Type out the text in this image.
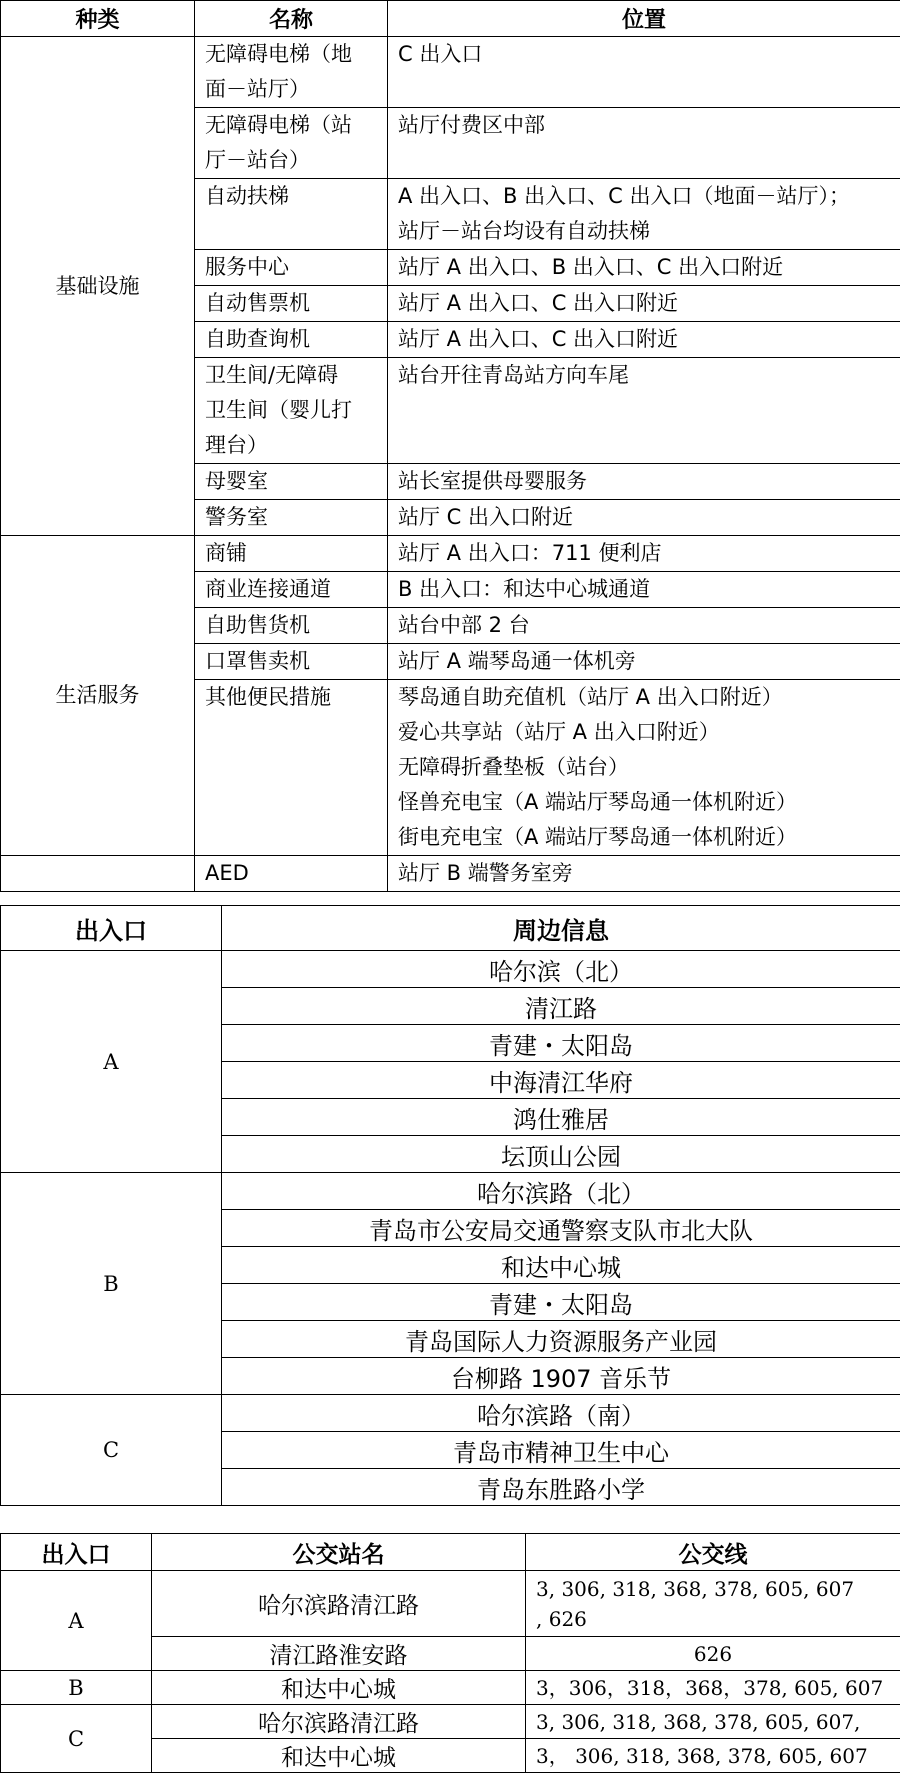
种类	名称	位置
基础设施	无障碍电梯（地
面－站厅）	C 出入口

	无障碍电梯（站
厅－站台）	站厅付费区中部

	自动扶梯	A 出入口、B 出入口、C 出入口（地面－站厅）；
站厅－站台均设有自动扶梯

	服务中心	站厅 A 出入口、B 出入口、C 出入口附近

	自动售票机	站厅 A 出入口、C 出入口附近

	自助查询机	站厅 A 出入口、C 出入口附近

	卫生间/无障碍
卫生间（婴儿打
理台）	站台开往青岛站方向车尾

	母婴室	站长室提供母婴服务

	警务室	站厅 C 出入口附近

生活服务	商铺	站厅 A 出入口：711 便利店

	商业连接通道	B 出入口：和达中心城通道

	自助售货机	站台中部 2 台

	口罩售卖机	站厅 A 端琴岛通一体机旁

	其他便民措施	琴岛通自助充值机（站厅 A 出入口附近）
爱心共享站（站厅 A 出入口附近）
无障碍折叠垫板（站台）
怪兽充电宝（A 端站厅琴岛通一体机附近）
街电充电宝（A 端站厅琴岛通一体机附近）

	AED	站厅 B 端警务室旁
出入口	周边信息
A	哈尔滨（北）
	清江路
	青建・太阳岛
	中海清江华府
	鸿仕雅居
	坛顶山公园
B	哈尔滨路（北）
	青岛市公安局交通警察支队市北大队
	和达中心城
	青建・太阳岛
	青岛国际人力资源服务产业园
	台柳路 1907 音乐节
C	哈尔滨路（南）
	青岛市精神卫生中心
	青岛东胜路小学
出入口	公交站名	公交线
A	哈尔滨路清江路	3, 306, 318, 368, 378, 605, 607
, 626

	清江路淮安路	626

B	和达中心城	3，306，318，368，378, 605, 607

C	哈尔滨路清江路	3, 306, 318, 368, 378, 605, 607,

	和达中心城	3， 306, 318, 368, 378, 605, 607
